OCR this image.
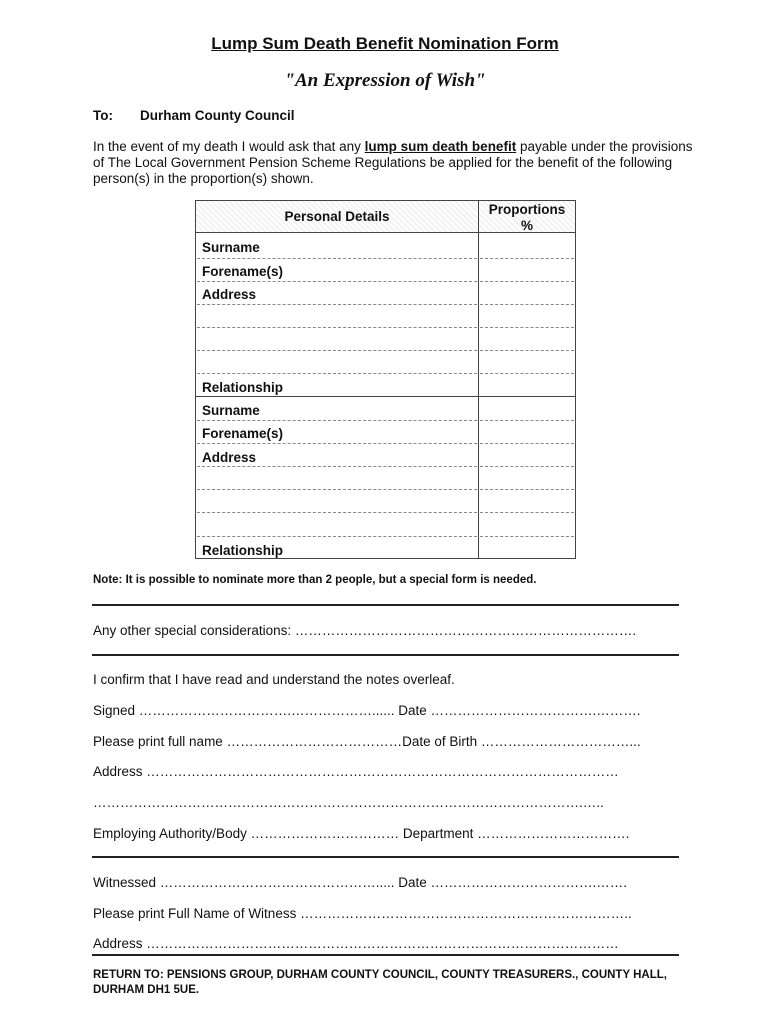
Lump Sum Death Benefit Nomination Form
"An Expression of Wish"
To: Durham County Council
In the event of my death I would ask that any lump sum death benefit payable under the provisions of The Local Government Pension Scheme Regulations be applied for the benefit of the following person(s) in the proportion(s) shown.
Personal Details	Proportions
%
Surname
Forename(s)
Address
Relationship
Surname
Forename(s)
Address
Relationship
Note: It is possible to nominate more than 2 people, but a special form is needed.
Any other special considerations: ………………………………………………………………….
I confirm that I have read and understand the notes overleaf.
Signed …………………………….………………...... Date ……………………………….……….
Please print full name …………………………………Date of Birth ……………………………...
Address ……………………………………………………………………………………………
……………………………………………………………………………………………….…..
Employing Authority/Body …………………………… Department …………………………….
Witnessed …………………………………………..... Date ……………………………….…….
Please print Full Name of Witness ………………………………………………………………..
Address ……………………………………………………………………………………………
RETURN TO: PENSIONS GROUP, DURHAM COUNTY COUNCIL, COUNTY TREASURERS., COUNTY HALL, DURHAM DH1 5UE.
